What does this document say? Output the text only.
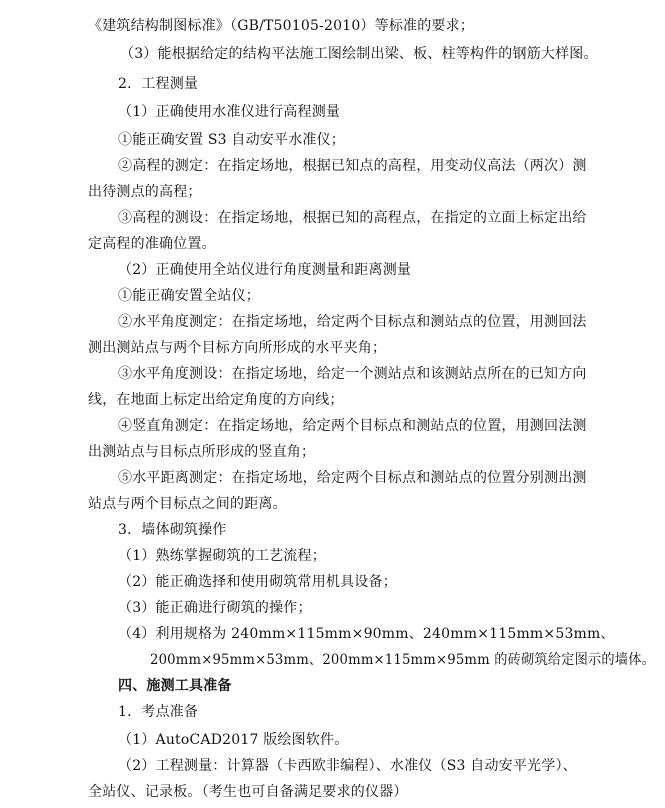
《建筑结构制图标准》（GB/T50105-2010）等标准的要求；
（3）能根据给定的结构平法施工图绘制出梁、板、柱等构件的钢筋大样图。
2．工程测量
（1）正确使用水准仪进行高程测量
①能正确安置 S3 自动安平水准仪；
②高程的测定：在指定场地，根据已知点的高程，用变动仪高法（两次）测
出待测点的高程；
③高程的测设：在指定场地，根据已知的高程点，在指定的立面上标定出给
定高程的准确位置。
（2）正确使用全站仪进行角度测量和距离测量
①能正确安置全站仪；
②水平角度测定：在指定场地，给定两个目标点和测站点的位置，用测回法
测出测站点与两个目标方向所形成的水平夹角；
③水平角度测设：在指定场地，给定一个测站点和该测站点所在的已知方向
线，在地面上标定出给定角度的方向线；
④竖直角测定：在指定场地，给定两个目标点和测站点的位置，用测回法测
出测站点与目标点所形成的竖直角；
⑤水平距离测定：在指定场地，给定两个目标点和测站点的位置分别测出测
站点与两个目标点之间的距离。
3．墙体砌筑操作
（1）熟练掌握砌筑的工艺流程；
（2）能正确选择和使用砌筑常用机具设备；
（3）能正确进行砌筑的操作；
（4）利用规格为 240mm×115mm×90mm、240mm×115mm×53mm、
200mm×95mm×53mm、200mm×115mm×95mm 的砖砌筑给定图示的墙体。
四、施测工具准备
1．考点准备
（1）AutoCAD2017 版绘图软件。
（2）工程测量：计算器（卡西欧非编程）、水准仪（S3 自动安平光学）、
全站仪、记录板。（考生也可自备满足要求的仪器）
